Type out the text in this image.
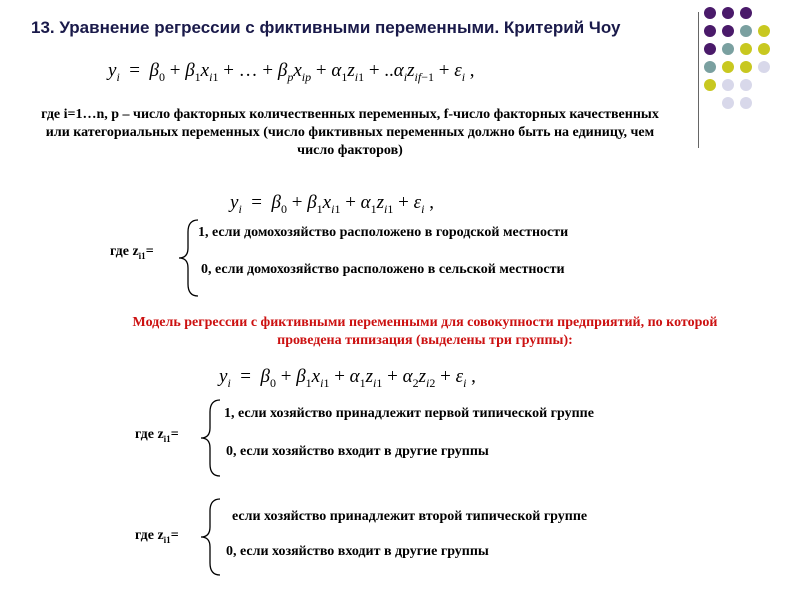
13. Уравнение регрессии с фиктивными переменными. Критерий Чоу
$y_i = \beta_0 + \beta_1x_{i1}$ + … + $\beta_px_{ip} + \alpha_1z_{i1} + ..\alpha_iz_{if-1} + \varepsilon_i$ ,
где i=1…n, p – число факторных количественных переменных, f-число факторных качественных или категориальных переменных (число фиктивных переменных должно быть на единицу, чем число факторов)
$y_i = \beta_0 + \beta_1x_{i1} + \alpha_1z_{i1} + \varepsilon_i$ ,
где $z_{i1}=$
1, если домохозяйство расположено в городской местности
0, если домохозяйство расположено в сельской местности
Модель регрессии с фиктивными переменными для совокупности предприятий, по которой проведена типизация (выделены три группы):
$y_i = \beta_0 + \beta_1x_{i1} + \alpha_1z_{i1} + \alpha_2z_{i2} + \varepsilon_i$ ,
где $z_{i1}=$
1, если хозяйство принадлежит первой типической группе
0, если хозяйство входит в другие группы
где $z_{i1}=$
если хозяйство принадлежит второй типической группе
0, если хозяйство входит в другие группы
